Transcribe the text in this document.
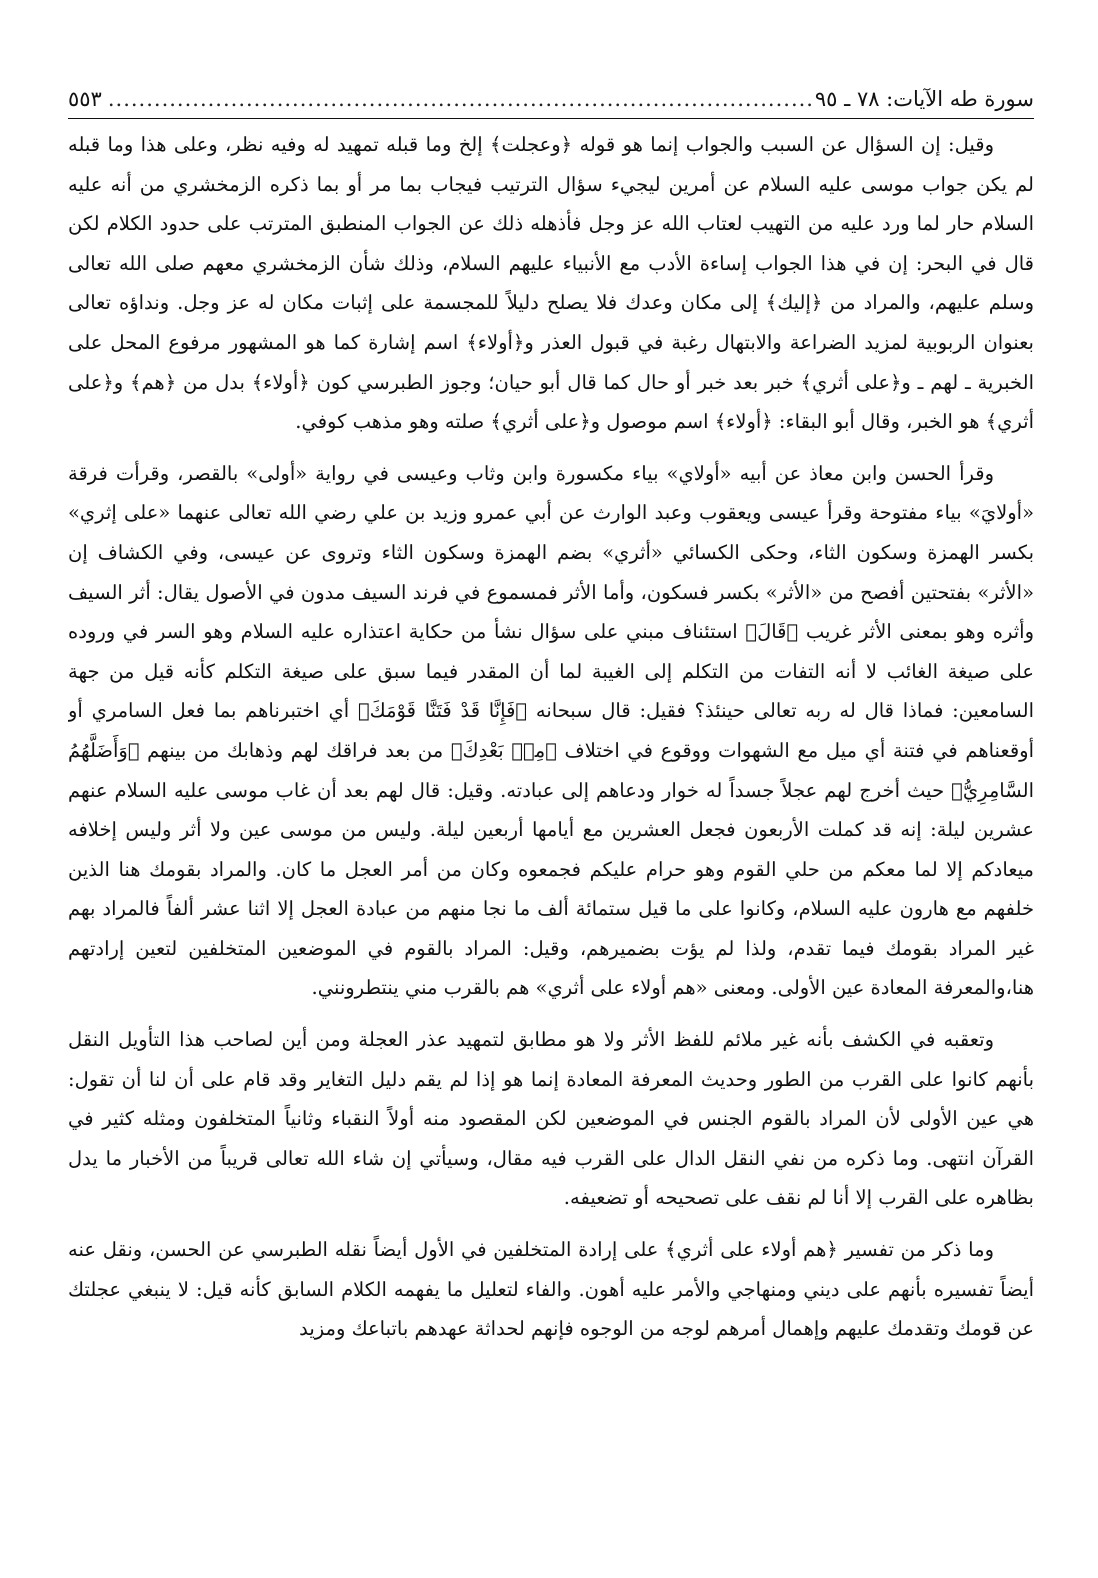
سورة طه الآيات: ٧٨ ـ ٩٥
............................................................................................
٥٥٣

وقيل: إن السؤال عن السبب والجواب إنما هو قوله ﴿وعجلت﴾ إلخ وما قبله تمهيد له وفيه نظر، وعلى هذا وما قبله لم يكن جواب موسى عليه السلام عن أمرين ليجيء سؤال الترتيب فيجاب بما مر أو بما ذكره الزمخشري من أنه عليه السلام حار لما ورد عليه من التهيب لعتاب الله عز وجل فأذهله ذلك عن الجواب المنطبق المترتب على حدود الكلام لكن قال في البحر: إن في هذا الجواب إساءة الأدب مع الأنبياء عليهم السلام، وذلك شأن الزمخشري معهم صلى الله تعالى وسلم عليهم، والمراد من ﴿إليك﴾ إلى مكان وعدك فلا يصلح دليلاً للمجسمة على إثبات مكان له عز وجل. ونداؤه تعالى بعنوان الربوبية لمزيد الضراعة والابتهال رغبة في قبول العذر و﴿أولاء﴾ اسم إشارة كما هو المشهور مرفوع المحل على الخبرية ـ لهم ـ و﴿على أثري﴾ خبر بعد خبر أو حال كما قال أبو حيان؛ وجوز الطبرسي كون ﴿أولاء﴾ بدل من ﴿هم﴾ و﴿على أثري﴾ هو الخبر، وقال أبو البقاء: ﴿أولاء﴾ اسم موصول و﴿على أثري﴾ صلته وهو مذهب كوفي.

وقرأ الحسن وابن معاذ عن أبيه «أولاي» بياء مكسورة وابن وثاب وعيسى في رواية «أولى» بالقصر، وقرأت فرقة «أولايَ» بياء مفتوحة وقرأ عيسى ويعقوب وعبد الوارث عن أبي عمرو وزيد بن علي رضي الله تعالى عنهما «على إثري» بكسر الهمزة وسكون الثاء، وحكى الكسائي «أثري» بضم الهمزة وسكون الثاء وتروى عن عيسى، وفي الكشاف إن «الأثر» بفتحتين أفصح من «الأثر» بكسر فسكون، وأما الأثر فمسموع في فرند السيف مدون في الأصول يقال: أثر السيف وأثره وهو بمعنى الأثر غريب ﴿قَالَ﴾ استئناف مبني على سؤال نشأ من حكاية اعتذاره عليه السلام وهو السر في وروده على صيغة الغائب لا أنه التفات من التكلم إلى الغيبة لما أن المقدر فيما سبق على صيغة التكلم كأنه قيل من جهة السامعين: فماذا قال له ربه تعالى حينئذ؟ فقيل: قال سبحانه ﴿فَإِنَّا قَدْ فَتَنَّا قَوْمَكَ﴾ أي اختبرناهم بما فعل السامري أو أوقعناهم في فتنة أي ميل مع الشهوات ووقوع في اختلاف ﴿مِنۢ بَعْدِكَ﴾ من بعد فراقك لهم وذهابك من بينهم ﴿وَأَضَلَّهُمُ السَّامِرِيُّ﴾ حيث أخرج لهم عجلاً جسداً له خوار ودعاهم إلى عبادته. وقيل: قال لهم بعد أن غاب موسى عليه السلام عنهم عشرين ليلة: إنه قد كملت الأربعون فجعل العشرين مع أيامها أربعين ليلة. وليس من موسى عين ولا أثر وليس إخلافه ميعادكم إلا لما معكم من حلي القوم وهو حرام عليكم فجمعوه وكان من أمر العجل ما كان. والمراد بقومك هنا الذين خلفهم مع هارون عليه السلام، وكانوا على ما قيل ستمائة ألف ما نجا منهم من عبادة العجل إلا اثنا عشر ألفاً فالمراد بهم غير المراد بقومك فيما تقدم، ولذا لم يؤت بضميرهم، وقيل: المراد بالقوم في الموضعين المتخلفين لتعين إرادتهم هنا،والمعرفة المعادة عين الأولى. ومعنى «هم أولاء على أثري» هم بالقرب مني ينتطرونني.

وتعقبه في الكشف بأنه غير ملائم للفظ الأثر ولا هو مطابق لتمهيد عذر العجلة ومن أين لصاحب هذا التأويل النقل بأنهم كانوا على القرب من الطور وحديث المعرفة المعادة إنما هو إذا لم يقم دليل التغاير وقد قام على أن لنا أن تقول: هي عين الأولى لأن المراد بالقوم الجنس في الموضعين لكن المقصود منه أولاً النقباء وثانياً المتخلفون ومثله كثير في القرآن انتهى. وما ذكره من نفي النقل الدال على القرب فيه مقال، وسيأتي إن شاء الله تعالى قريباً من الأخبار ما يدل بظاهره على القرب إلا أنا لم نقف على تصحيحه أو تضعيفه.

وما ذكر من تفسير ﴿هم أولاء على أثري﴾ على إرادة المتخلفين في الأول أيضاً نقله الطبرسي عن الحسن، ونقل عنه أيضاً تفسيره بأنهم على ديني ومنهاجي والأمر عليه أهون. والفاء لتعليل ما يفهمه الكلام السابق كأنه قيل: لا ينبغي عجلتك عن قومك وتقدمك عليهم وإهمال أمرهم لوجه من الوجوه فإنهم لحداثة عهدهم باتباعك ومزيد
